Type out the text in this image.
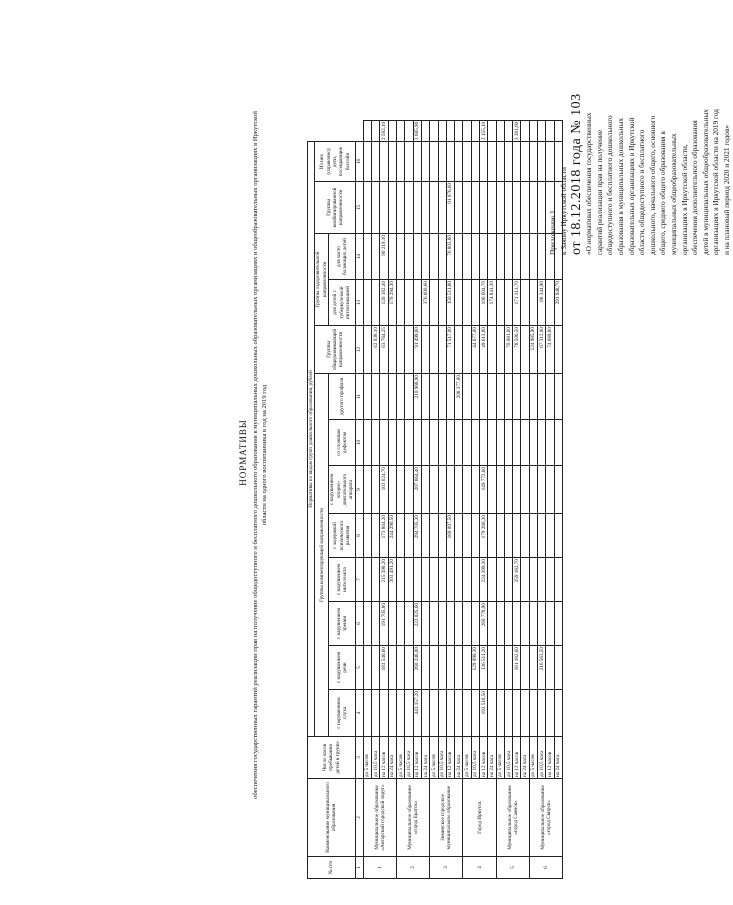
Приложение 1 к Закону Иркутской области от 18.12.2018 года № 103 «О нормативах обеспечения государственных гарантий реализации прав на получение общедоступного и бесплатного дошкольного образования в муниципальных дошкольных образовательных организациях в Иркутской области, общедоступного и бесплатного дошкольного, начального общего, основного общего, среднего общего образования в муниципальных общеобразовательных организациях в Иркутской области, обеспечения дополнительного образования детей в муниципальных общеобразовательных организациях в Иркутской области на 2019 год и на плановый период 2020 и 2021 годов»
НОРМАТИВЫ обеспечения государственных гарантий реализации прав на получение общедоступного и бесплатного дошкольного образования в муниципальных дошкольных образовательных организациях и общеобразовательных организациях в Иркутской области на одного воспитанника в год на 2019 год
№ п/п	Наименование муниципального образования	Число часов пребывания детей в группе	Нормативы по видам групп дошкольного образования, рублей													
			Группы компенсирующей направленности								Группы общеразвивающей направленности	Группы оздоровительной направленности		Группы комбинированной направленности	Из них (справочно) дети, посещающие бассейн	
			с нарушением слуха	с нарушением речи	с нарушением зрения	с нарушением интеллекта	с задержкой психического развития	с нарушением опорно-двигательного аппарата	со сложным дефектом	другого профиля		для детей с туберкулезной интоксикацией	для часто болеющих детей			
1	2	3	4	5	6	7	8	9	10	11	12	13	14	15	16	
1	Муниципальное образование «Ангарский городской округ»	до 5 часов														
		до 10,5 часа									62 038,10					
		на 12 часов		183 546,60	191 705,80	215 398,20	173 864,20	163 624,70			63 764,25	126 182,40	90 219,10			2 582,10
		на 24 часа				303 491,20	244 290,50					170 294,30				
2	Муниципальное образование «город Братск»	до 5 часов														
		до 10,5 часа														
		на 12 часов	443 157,20	260 246,00	222 025,60		294 705,30	207 664,40		210 968,90	91 499,60					3 685,90
		на 24 часа										376 600,60				
3	Зиминское городское муниципальное образование	до 5 часов														
		до 10,5 часа														
		на 12 часов					169 097,50				71 517,00	150 511,80	76 803,80	91 076,60		
		на 24 часа								208 377,00						
4	Город Иркутск	до 5 часов														
		до 10,5 часа		129 090,30							44 677,00					
		на 12 часов	193 518,50	136 511,20	260 778,90	224 399,30	179 286,30	149 772,60			49 613,80	106 604,70				2 155,10
		на 24 часа										174 841,30				
5	Муниципальное образование «город Саянск»	до 5 часов														
		до 10,5 часа									70 681,00					
		на 12 часов		181 182,60		259 182,70					78 506,50	171 313,70				3 381,60
		на 24 часа														
6	Муниципальное образование «город Свирск»	до 5 часов									124 985,90					
		до 10,5 часа		216 563,50							67 312,90	88 344,90				
		на 12 часов									74 689,80					
		на 24 часа										291 948,70				
